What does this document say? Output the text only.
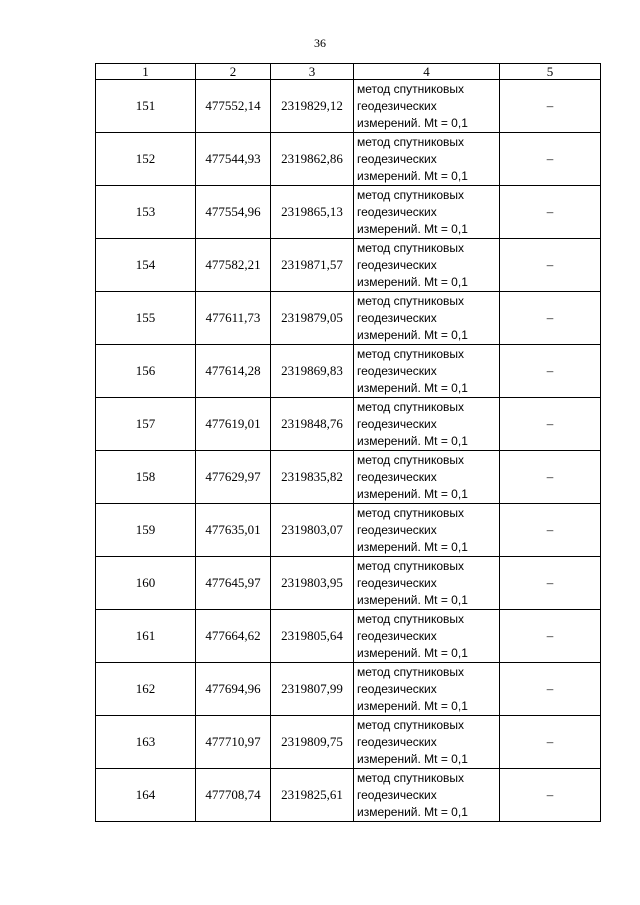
36
1	2	3	4	5
151	477552,14	2319829,12	метод спутниковых геодезических измерений. Mt = 0,1	–
152	477544,93	2319862,86	метод спутниковых геодезических измерений. Mt = 0,1	–
153	477554,96	2319865,13	метод спутниковых геодезических измерений. Mt = 0,1	–
154	477582,21	2319871,57	метод спутниковых геодезических измерений. Mt = 0,1	–
155	477611,73	2319879,05	метод спутниковых геодезических измерений. Mt = 0,1	–
156	477614,28	2319869,83	метод спутниковых геодезических измерений. Mt = 0,1	–
157	477619,01	2319848,76	метод спутниковых геодезических измерений. Mt = 0,1	–
158	477629,97	2319835,82	метод спутниковых геодезических измерений. Mt = 0,1	–
159	477635,01	2319803,07	метод спутниковых геодезических измерений. Mt = 0,1	–
160	477645,97	2319803,95	метод спутниковых геодезических измерений. Mt = 0,1	–
161	477664,62	2319805,64	метод спутниковых геодезических измерений. Mt = 0,1	–
162	477694,96	2319807,99	метод спутниковых геодезических измерений. Mt = 0,1	–
163	477710,97	2319809,75	метод спутниковых геодезических измерений. Mt = 0,1	–
164	477708,74	2319825,61	метод спутниковых геодезических измерений. Mt = 0,1	–
